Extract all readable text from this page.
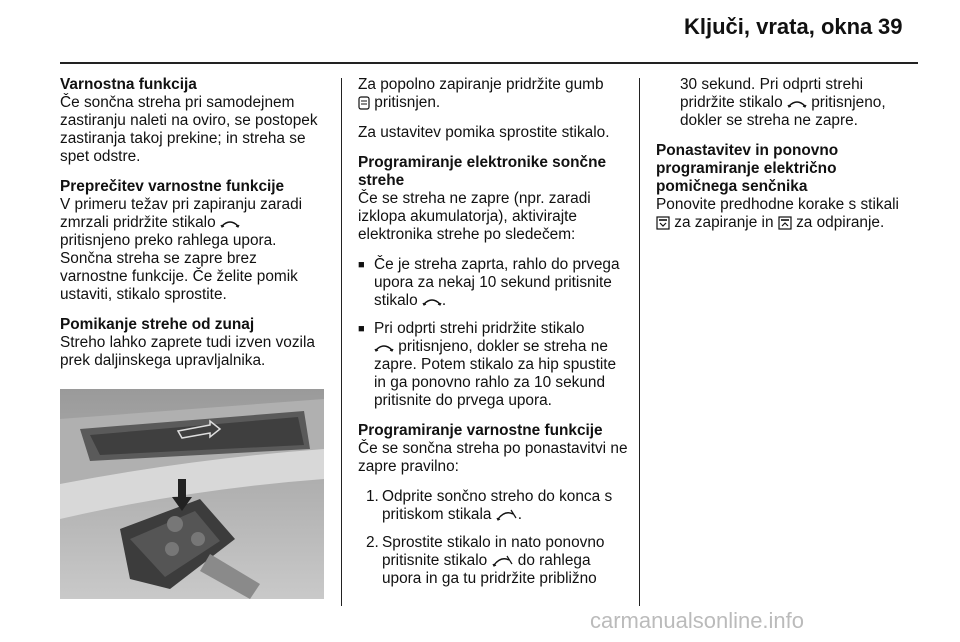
Ključi, vrata, okna 39

Varnostna funkcija
Če sončna streha pri samodejnem zastiranju naleti na oviro, se postopek zastiranja takoj prekine; in streha se spet odstre.

Preprečitev varnostne funkcije
V primeru težav pri zapiranju zaradi zmrzali pridržite stikalo
pritisnjeno preko rahlega upora. Sončna streha se zapre brez varnostne funkcije. Če želite pomik ustaviti, stikalo sprostite.

Pomikanje strehe od zunaj
Streho lahko zaprete tudi izven vozila prek daljinskega upravljalnika.

Za popolno zapiranje pridržite gumb
pritisnjen.

Za ustavitev pomika sprostite stikalo.

Programiranje elektronike sončne strehe
Če se streha ne zapre (npr. zaradi izklopa akumulatorja), aktivirajte elektronika strehe po sledečem:

■ Če je streha zaprta, rahlo do prvega upora za nekaj 10 sekund pritisnite stikalo .
■ Pri odprti strehi pridržite stikalo
pritisnjeno, dokler se streha ne zapre. Potem stikalo za hip spustite in ga ponovno rahlo za 10 sekund pritisnite do prvega upora.

Programiranje varnostne funkcije
Če se sončna streha po ponastavitvi ne zapre pravilno:

1. Odprite sončno streho do konca s pritiskom stikala .
2. Sprostite stikalo in nato ponovno pritisnite stikalo do rahlega upora in ga tu pridržite približno

30 sekund. Pri odprti strehi pridržite stikalo pritisnjeno, dokler se streha ne zapre.

Ponastavitev in ponovno programiranje električno pomičnega senčnika
Ponovite predhodne korake s stikali
za zapiranje in za odpiranje.

carmanualsonline.info
